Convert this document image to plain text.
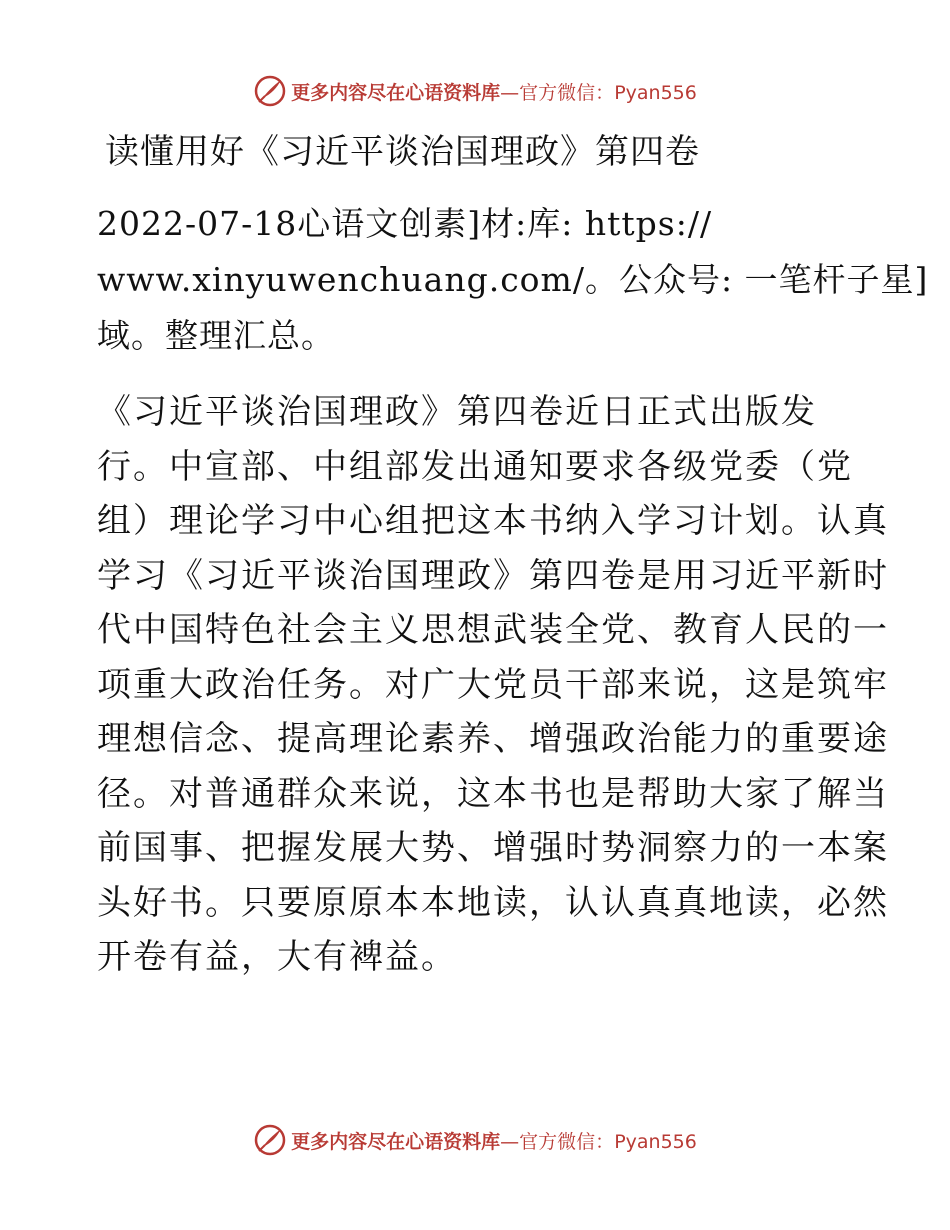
更多内容尽在心语资料库—官方微信：Pyan556
读懂用好《习近平谈治国理政》第四卷

2022-07-18心语文创素]材:库: https://
www.xinyuwenchuang.com/。公众号: 一笔杆子星]
域。整理汇总。

《习近平谈治国理政》第四卷近日正式出版发
行。中宣部、中组部发出通知要求各级党委（党
组）理论学习中心组把这本书纳入学习计划。认真
学习《习近平谈治国理政》第四卷是用习近平新时
代中国特色社会主义思想武装全党、教育人民的一
项重大政治任务。对广大党员干部来说，这是筑牢
理想信念、提高理论素养、增强政治能力的重要途
径。对普通群众来说，这本书也是帮助大家了解当
前国事、把握发展大势、增强时势洞察力的一本案
头好书。只要原原本本地读，认认真真地读，必然
开卷有益，大有裨益。

更多内容尽在心语资料库—官方微信：Pyan556
